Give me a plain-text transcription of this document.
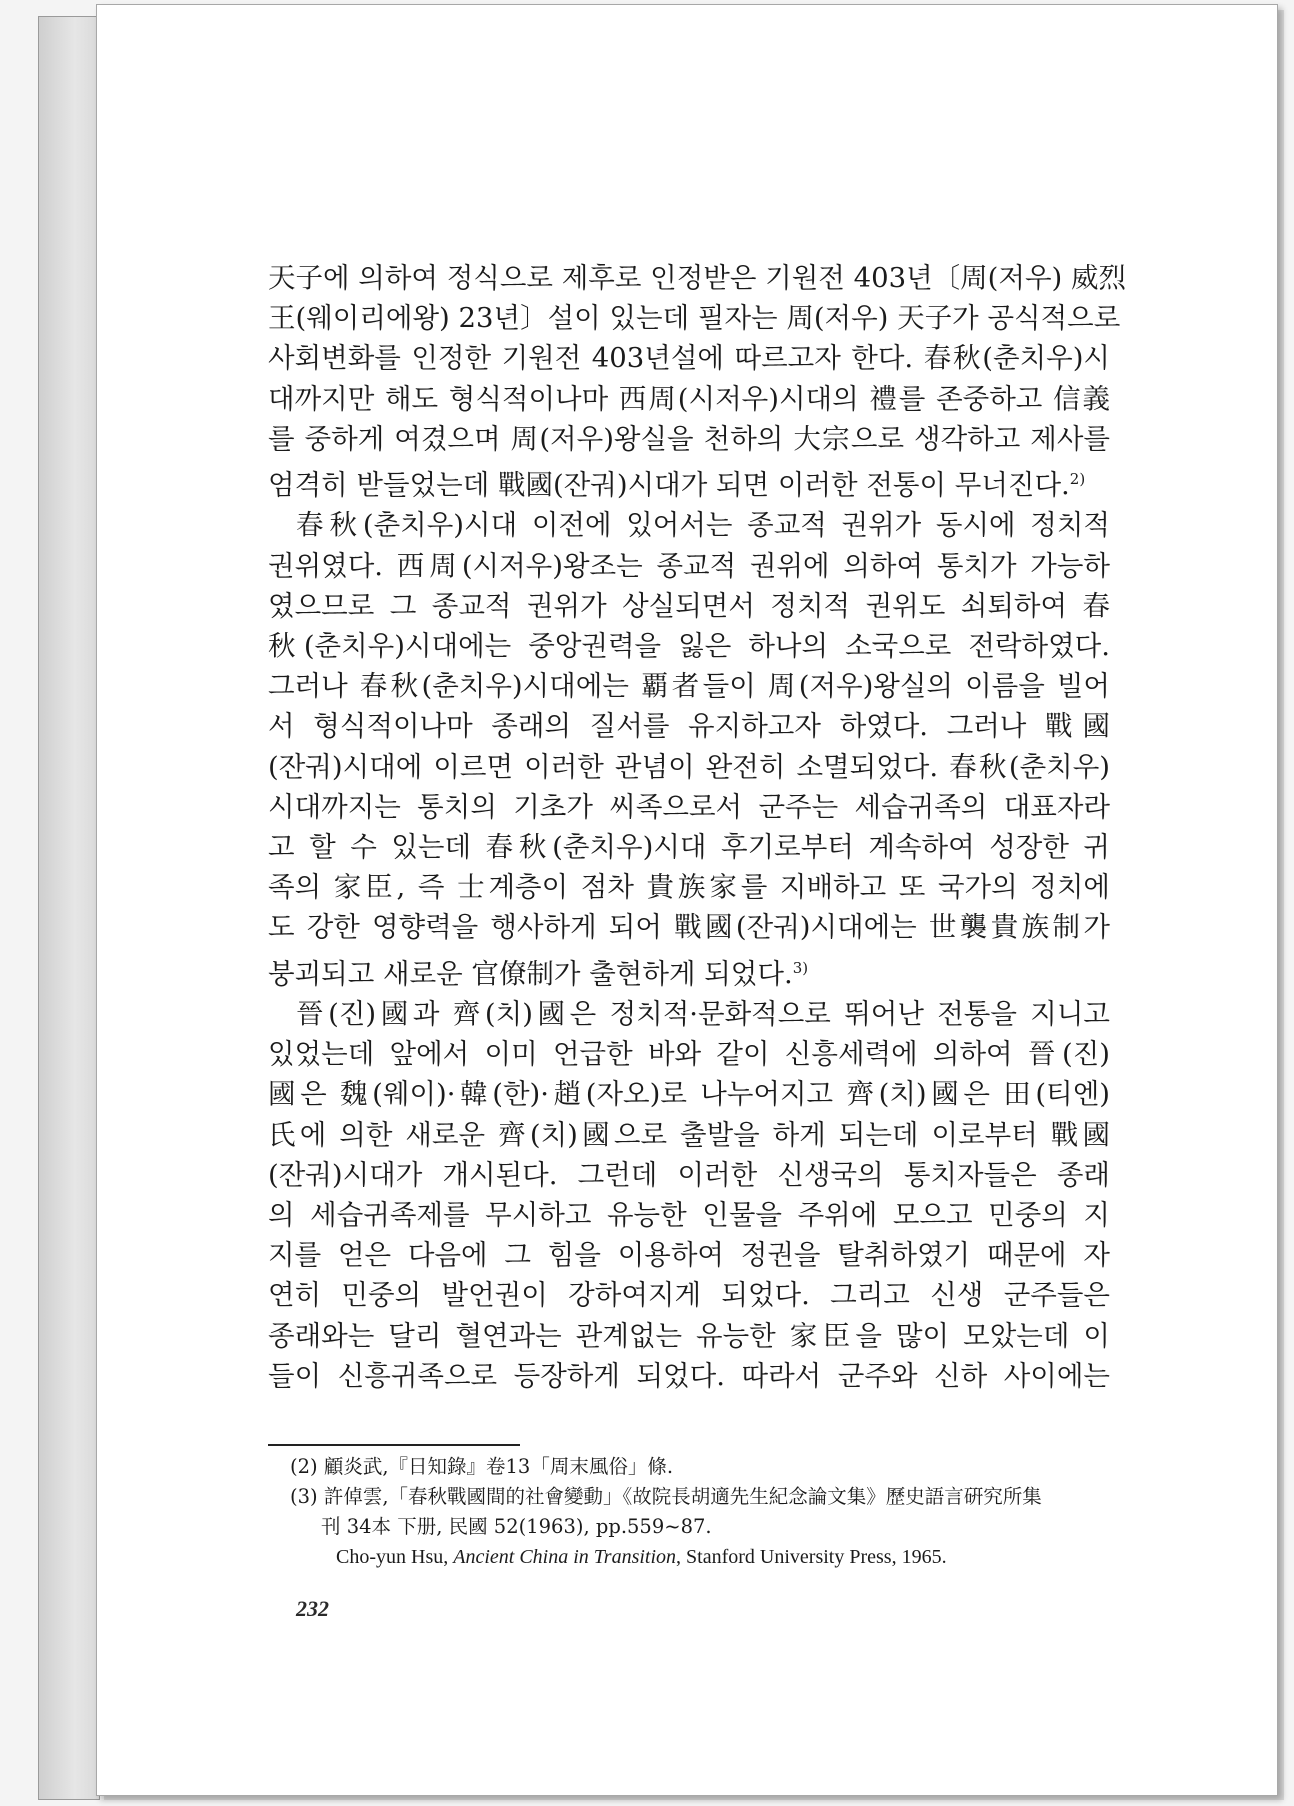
天子에 의하여 정식으로 제후로 인정받은 기원전 403년〔周(저우) 威烈
王(웨이리에왕) 23년〕설이 있는데 필자는 周(저우) 天子가 공식적으로
사회변화를 인정한 기원전 403년설에 따르고자 한다. 春秋(춘치우)시
대까지만 해도 형식적이나마 西周(시저우)시대의 禮를 존중하고 信義
를 중하게 여겼으며 周(저우)왕실을 천하의 大宗으로 생각하고 제사를
엄격히 받들었는데 戰國(잔궈)시대가 되면 이러한 전통이 무너진다.$^{2)}$
春秋(춘치우)시대 이전에 있어서는 종교적 권위가 동시에 정치적
권위였다. 西周(시저우)왕조는 종교적 권위에 의하여 통치가 가능하
였으므로 그 종교적 권위가 상실되면서 정치적 권위도 쇠퇴하여 春
秋(춘치우)시대에는 중앙권력을 잃은 하나의 소국으로 전락하였다.
그러나 春秋(춘치우)시대에는 覇者들이 周(저우)왕실의 이름을 빌어
서 형식적이나마 종래의 질서를 유지하고자 하였다. 그러나 戰國
(잔궈)시대에 이르면 이러한 관념이 완전히 소멸되었다. 春秋(춘치우)
시대까지는 통치의 기초가 씨족으로서 군주는 세습귀족의 대표자라
고 할 수 있는데 春秋(춘치우)시대 후기로부터 계속하여 성장한 귀
족의 家臣, 즉 士계층이 점차 貴族家를 지배하고 또 국가의 정치에
도 강한 영향력을 행사하게 되어 戰國(잔궈)시대에는 世襲貴族制가
붕괴되고 새로운 官僚制가 출현하게 되었다.$^{3)}$
晉(진)國과 齊(치)國은 정치적·문화적으로 뛰어난 전통을 지니고
있었는데 앞에서 이미 언급한 바와 같이 신흥세력에 의하여 晉(진)
國은 魏(웨이)·韓(한)·趙(자오)로 나누어지고 齊(치)國은 田(티엔)
氏에 의한 새로운 齊(치)國으로 출발을 하게 되는데 이로부터 戰國
(잔궈)시대가 개시된다. 그런데 이러한 신생국의 통치자들은 종래
의 세습귀족제를 무시하고 유능한 인물을 주위에 모으고 민중의 지
지를 얻은 다음에 그 힘을 이용하여 정권을 탈취하였기 때문에 자
연히 민중의 발언권이 강하여지게 되었다. 그리고 신생 군주들은
종래와는 달리 혈연과는 관계없는 유능한 家臣을 많이 모았는데 이
들이 신흥귀족으로 등장하게 되었다. 따라서 군주와 신하 사이에는
(2) 顧炎武,『日知錄』卷13「周末風俗」條.
(3) 許倬雲,「春秋戰國間的社會變動」《故院長胡適先生紀念論文集》歷史語言硏究所集
刊 34本 下册, 民國 52(1963), pp.559~87.
Cho-yun Hsu, Ancient China in Transition, Stanford University Press, 1965.
232
